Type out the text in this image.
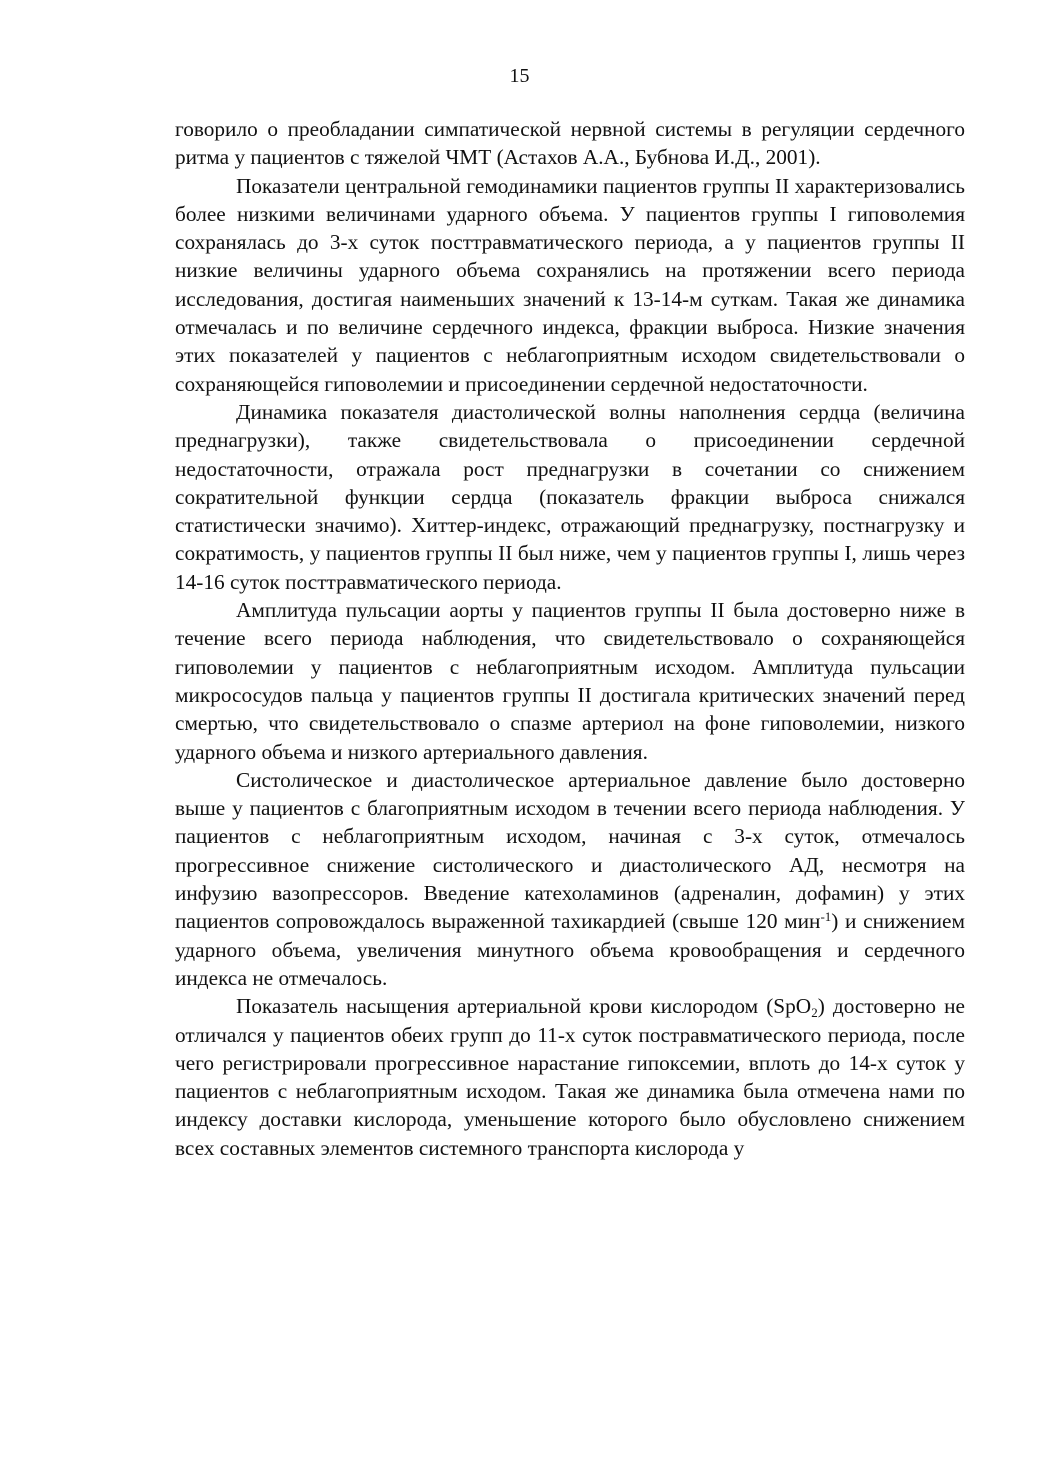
15

говорило о преобладании симпатической нервной системы в регуляции сердечного ритма у пациентов с тяжелой ЧМТ (Астахов А.А., Бубнова И.Д., 2001).

Показатели центральной гемодинамики пациентов группы II характеризовались более низкими величинами ударного объема. У пациентов группы I гиповолемия сохранялась до 3-х суток посттравматического периода, а у пациентов группы II низкие величины ударного объема сохранялись на протяжении всего периода исследования, достигая наименьших значений к 13-14-м суткам. Такая же динамика отмечалась и по величине сердечного индекса, фракции выброса. Низкие значения этих показателей у пациентов с неблагоприятным исходом свидетельствовали о сохраняющейся гиповолемии и присоединении сердечной недостаточности.

Динамика показателя диастолической волны наполнения сердца (величина преднагрузки), также свидетельствовала о присоединении сердечной недостаточности, отражала рост преднагрузки в сочетании со снижением сократительной функции сердца (показатель фракции выброса снижался статистически значимо). Хиттер-индекс, отражающий преднагрузку, постнагрузку и сократимость, у пациентов группы II был ниже, чем у пациентов группы I, лишь через 14-16 суток посттравматического периода.

Амплитуда пульсации аорты у пациентов группы II была достоверно ниже в течение всего периода наблюдения, что свидетельствовало о сохраняющейся гиповолемии у пациентов с неблагоприятным исходом. Амплитуда пульсации микрососудов пальца у пациентов группы II достигала критических значений перед смертью, что свидетельствовало о спазме артериол на фоне гиповолемии, низкого ударного объема и низкого артериального давления.

Систолическое и диастолическое артериальное давление было достоверно выше у пациентов с благоприятным исходом в течении всего периода наблюдения. У пациентов с неблагоприятным исходом, начиная с 3-х суток, отмечалось прогрессивное снижение систолического и диастолического АД, несмотря на инфузию вазопрессоров. Введение катехоламинов (адреналин, дофамин) у этих пациентов сопровождалось выраженной тахикардией (свыше 120 мин$^{-1}$) и снижением ударного объема, увеличения минутного объема кровообращения и сердечного индекса не отмечалось.

Показатель насыщения артериальной крови кислородом (SpO$_2$) достоверно не отличался у пациентов обеих групп до 11-х суток поcтравматического периода, после чего регистрировали прогрессивное нарастание гипоксемии, вплоть до 14-х суток у пациентов с неблагоприятным исходом. Такая же динамика была отмечена нами по индексу доставки кислорода, уменьшение которого было обусловлено снижением всех составных элементов системного транспорта кислорода у
